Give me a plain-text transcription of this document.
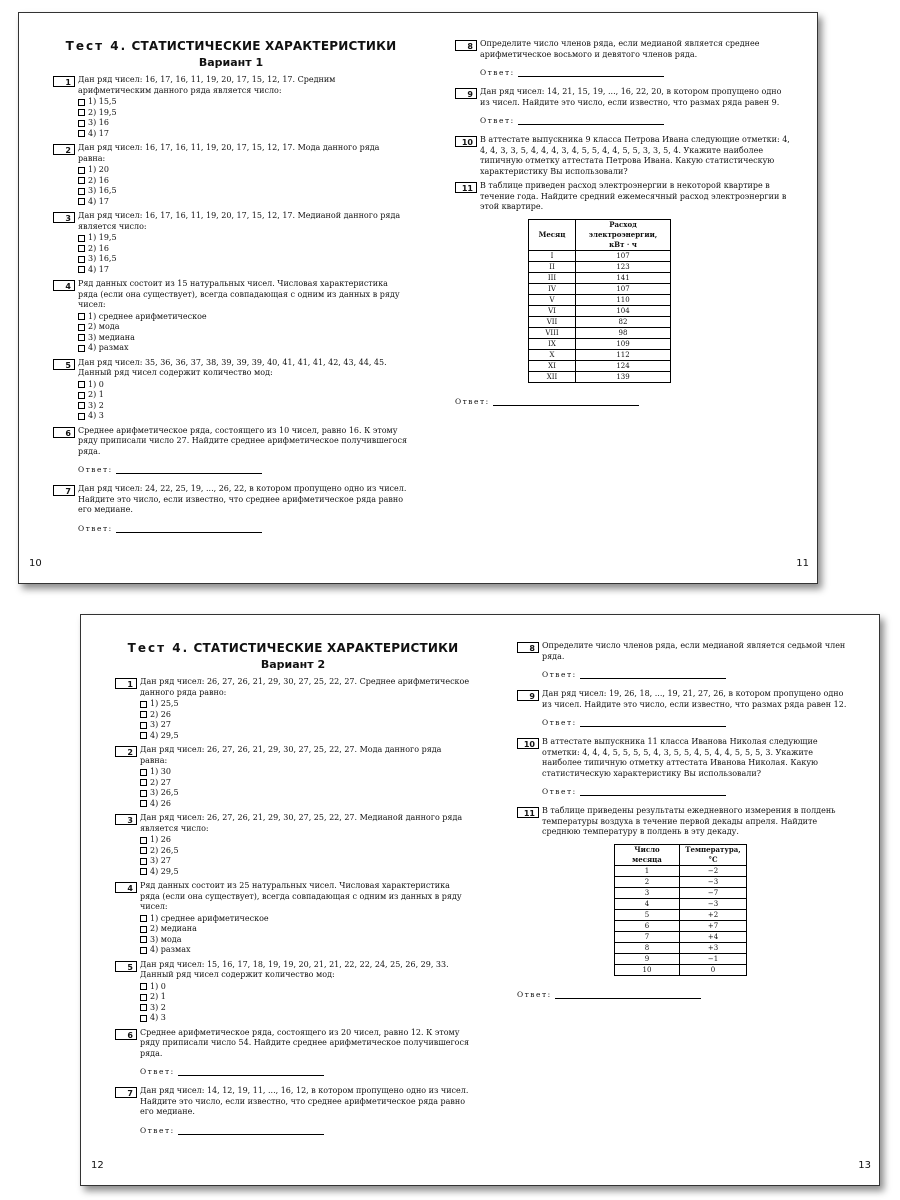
Тест 4. СТАТИСТИЧЕСКИЕ ХАРАКТЕРИСТИКИ
Вариант 1
1 Дан ряд чисел: 16, 17, 16, 11, 19, 20, 17, 15, 12, 17. Средним арифметическим данного ряда является число:

1) 15,5
2) 19,5
3) 16
4) 17
2 Дан ряд чисел: 16, 17, 16, 11, 19, 20, 17, 15, 12, 17. Мода данного ряда равна:

1) 20
2) 16
3) 16,5
4) 17
3 Дан ряд чисел: 16, 17, 16, 11, 19, 20, 17, 15, 12, 17. Медианой данного ряда является число:

1) 19,5
2) 16
3) 16,5
4) 17
4 Ряд данных состоит из 15 натуральных чисел. Числовая характеристика ряда (если она существует), всегда совпадающая с одним из данных в ряду чисел:

1) среднее арифметическое
2) мода
3) медиана
4) размах
5 Дан ряд чисел: 35, 36, 36, 37, 38, 39, 39, 39, 40, 41, 41, 41, 42, 43, 44, 45. Данный ряд чисел содержит количество мод:

1) 0
2) 1
3) 2
4) 3
6 Среднее арифметическое ряда, состоящего из 10 чисел, равно 16. К этому ряду приписали число 27. Найдите среднее арифметическое получившегося ряда.

Ответ:
7 Дан ряд чисел: 24, 22, 25, 19, ..., 26, 22, в котором пропущено одно из чисел. Найдите это число, если известно, что среднее арифметическое ряда равно его медиане.

Ответ:
10
8 Определите число членов ряда, если медианой является среднее арифметическое восьмого и девятого членов ряда.

Ответ:
9 Дан ряд чисел: 14, 21, 15, 19, ..., 16, 22, 20, в котором пропущено одно из чисел. Найдите это число, если известно, что размах ряда равен 9.

Ответ:
10 В аттестате выпускника 9 класса Петрова Ивана следующие отметки: 4, 4, 4, 3, 3, 5, 4, 4, 4, 3, 4, 5, 5, 4, 4, 5, 5, 3, 3, 5, 4. Укажите наиболее типичную отметку аттестата Петрова Ивана. Какую статистическую характеристику Вы использовали?

11 В таблице приведен расход электроэнергии в некоторой квартире в течение года. Найдите средний ежемесячный расход электроэнергии в этой квартире.

Месяц	Расход электроэнергии, кВт · ч
I	107
II	123
III	141
IV	107
V	110
VI	104
VII	82
VIII	98
IX	109
X	112
XI	124
XII	139
Ответ:
11
Тест 4. СТАТИСТИЧЕСКИЕ ХАРАКТЕРИСТИКИ
Вариант 2
1 Дан ряд чисел: 26, 27, 26, 21, 29, 30, 27, 25, 22, 27. Среднее арифметическое данного ряда равно:

1) 25,5
2) 26
3) 27
4) 29,5
2 Дан ряд чисел: 26, 27, 26, 21, 29, 30, 27, 25, 22, 27. Мода данного ряда равна:

1) 30
2) 27
3) 26,5
4) 26
3 Дан ряд чисел: 26, 27, 26, 21, 29, 30, 27, 25, 22, 27. Медианой данного ряда является число:

1) 26
2) 26,5
3) 27
4) 29,5
4 Ряд данных состоит из 25 натуральных чисел. Числовая характеристика ряда (если она существует), всегда совпадающая с одним из данных в ряду чисел:

1) среднее арифметическое
2) медиана
3) мода
4) размах
5 Дан ряд чисел: 15, 16, 17, 18, 19, 19, 20, 21, 21, 22, 22, 24, 25, 26, 29, 33. Данный ряд чисел содержит количество мод:

1) 0
2) 1
3) 2
4) 3
6 Среднее арифметическое ряда, состоящего из 20 чисел, равно 12. К этому ряду приписали число 54. Найдите среднее арифметическое получившегося ряда.

Ответ:
7 Дан ряд чисел: 14, 12, 19, 11, ..., 16, 12, в котором пропущено одно из чисел. Найдите это число, если известно, что среднее арифметическое ряда равно его медиане.

Ответ:
12
8 Определите число членов ряда, если медианой является седьмой член ряда.

Ответ:
9 Дан ряд чисел: 19, 26, 18, ..., 19, 21, 27, 26, в котором пропущено одно из чисел. Найдите это число, если известно, что размах ряда равен 12.

Ответ:
10 В аттестате выпускника 11 класса Иванова Николая следующие отметки: 4, 4, 4, 5, 5, 5, 5, 4, 3, 5, 5, 4, 5, 4, 4, 5, 5, 5, 3. Укажите наиболее типичную отметку аттестата Иванова Николая. Какую статистическую характеристику Вы использовали?

Ответ:
11 В таблице приведены результаты ежедневного измерения в полдень температуры воздуха в течение первой декады апреля. Найдите среднюю температуру в полдень в эту декаду.

Число месяца	Температура, °C
1	−2
2	−3
3	−7
4	−3
5	+2
6	+7
7	+4
8	+3
9	−1
10	0
Ответ:
13
